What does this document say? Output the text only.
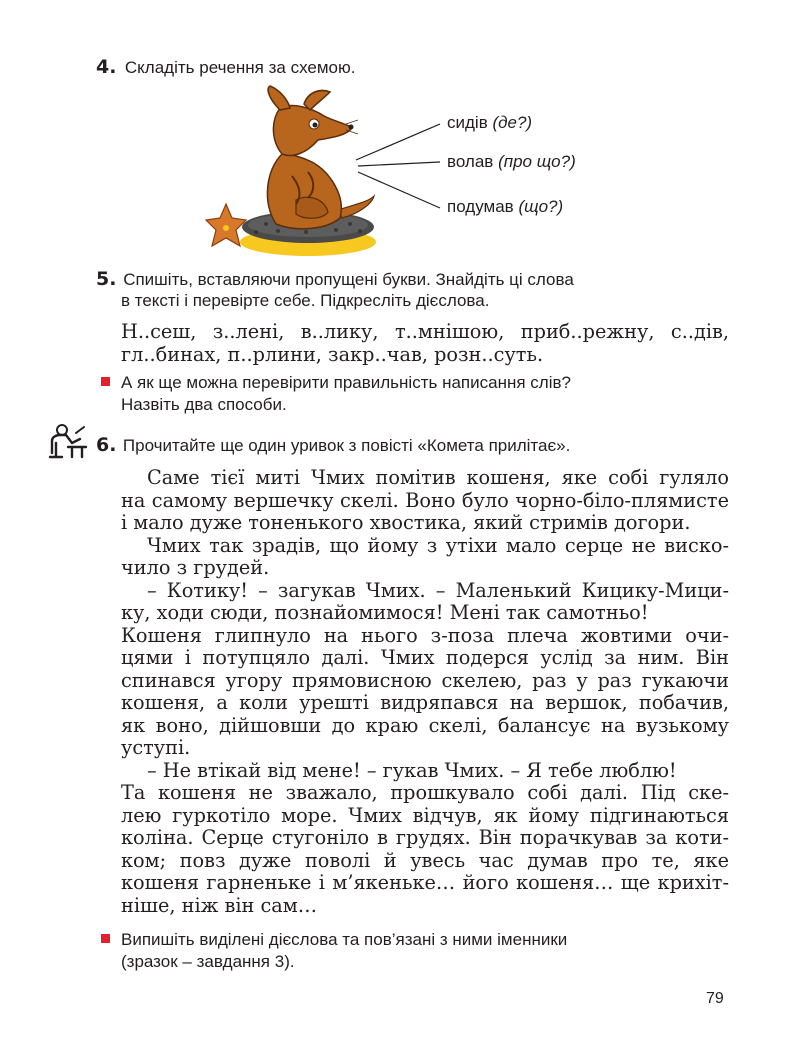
4. Складіть речення за схемою.
сидів (де?)
волав (про що?)
подумав (що?)
5. Спишіть, вставляючи пропущені букви. Знайдіть ці слова
в тексті і перевірте себе. Підкресліть дієслова.
Н..сеш, з..лені, в..лику, т..мнішою, приб..режну, с..дів,
гл..бинах, п..рлини, закр..чав, розн..суть.
А як ще можна перевірити правильність написання слів?
Назвіть два способи.
6. Прочитайте ще один уривок з повісті «Комета прилітає».
Саме тієї миті Чмих помітив кошеня, яке собі гуляло
на самому вершечку скелі. Воно було чорно-біло-плямисте
і мало дуже тоненького хвостика, який стримів догори.
Чмих так зрадів, що йому з утіхи мало серце не виско-
чило з грудей.
– Котику! – загукав Чмих. – Маленький Кицику-Мици-
ку, ходи сюди, познайомимося! Мені так самотньо!
Кошеня глипнуло на нього з-поза плеча жовтими очи-
цями і потупцяло далі. Чмих подерся услід за ним. Він
спинався угору прямовисною скелею, раз у раз гукаючи
кошеня, а коли урешті видряпався на вершок, побачив,
як воно, дійшовши до краю скелі, балансує на вузькому
уступі.
– Не втікай від мене! – гукав Чмих. – Я тебе люблю!
Та кошеня не зважало, прошкувало собі далі. Під ске-
лею гуркотіло море. Чмих відчув, як йому підгинаються
коліна. Серце стугоніло в грудях. Він порачкував за коти-
ком; повз дуже поволі й увесь час думав про те, яке
кошеня гарненьке і м’якеньке… його кошеня… ще крихіт-
ніше, ніж він сам…
Випишіть виділені дієслова та пов’язані з ними іменники
(зразок – завдання 3).
79
